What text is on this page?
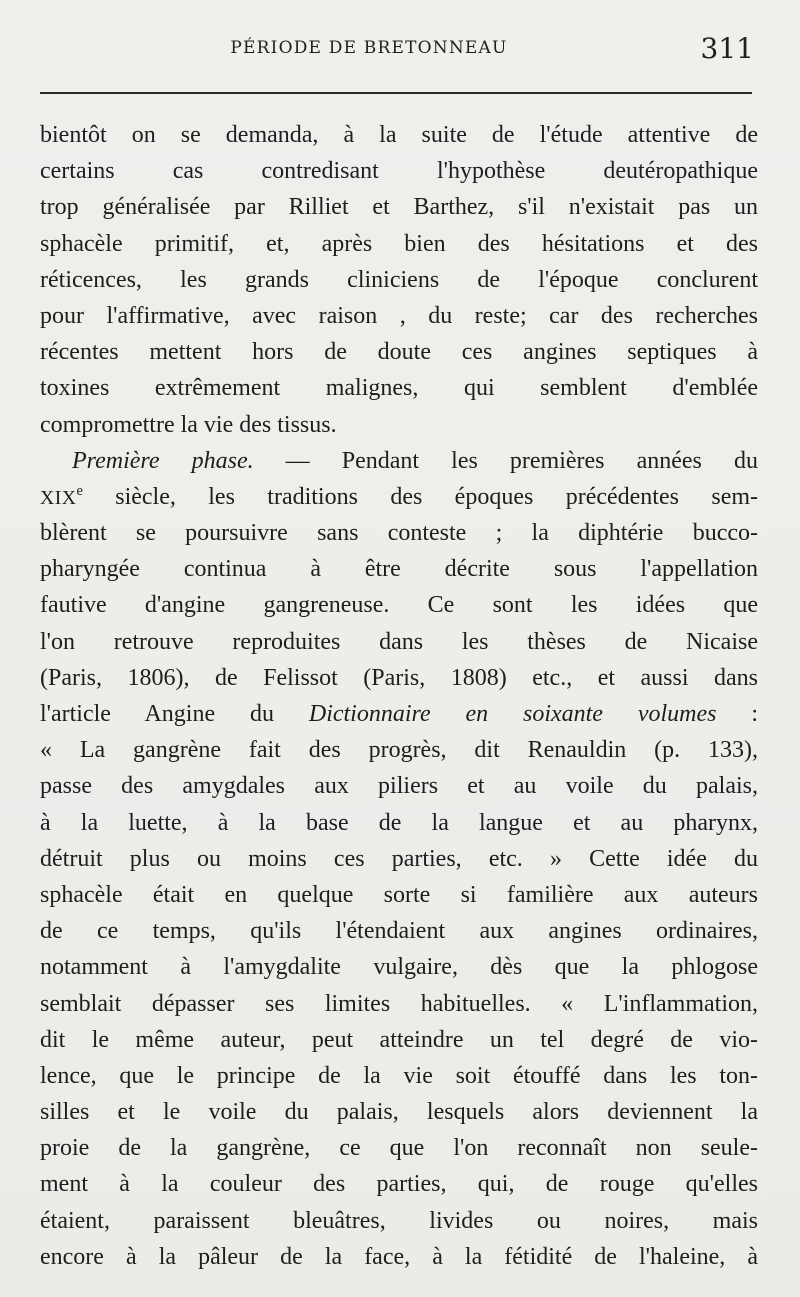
PÉRIODE DE BRETONNEAU	311
bientôt on se demanda, à la suite de l'étude attentive de
certains cas contredisant l'hypothèse deutéropathique
trop généralisée par Rilliet et Barthez, s'il n'existait pas un
sphacèle primitif, et, après bien des hésitations et des
réticences, les grands cliniciens de l'époque conclurent
pour l'affirmative, avec raison , du reste; car des recherches
récentes mettent hors de doute ces angines septiques à
toxines extrêmement malignes, qui semblent d'emblée
compromettre la vie des tissus.
Première phase. — Pendant les premières années du
XIXe siècle, les traditions des époques précédentes sem-
blèrent se poursuivre sans conteste ; la diphtérie bucco-
pharyngée continua à être décrite sous l'appellation
fautive d'angine gangreneuse. Ce sont les idées que
l'on retrouve reproduites dans les thèses de Nicaise
(Paris, 1806), de Felissot (Paris, 1808) etc., et aussi dans
l'article Angine du Dictionnaire en soixante volumes :
« La gangrène fait des progrès, dit Renauldin (p. 133),
passe des amygdales aux piliers et au voile du palais,
à la luette, à la base de la langue et au pharynx,
détruit plus ou moins ces parties, etc. » Cette idée du
sphacèle était en quelque sorte si familière aux auteurs
de ce temps, qu'ils l'étendaient aux angines ordinaires,
notamment à l'amygdalite vulgaire, dès que la phlogose
semblait dépasser ses limites habituelles. « L'inflammation,
dit le même auteur, peut atteindre un tel degré de vio-
lence, que le principe de la vie soit étouffé dans les ton-
silles et le voile du palais, lesquels alors deviennent la
proie de la gangrène, ce que l'on reconnaît non seule-
ment à la couleur des parties, qui, de rouge qu'elles
étaient, paraissent bleuâtres, livides ou noires, mais
encore à la pâleur de la face, à la fétidité de l'haleine, à
